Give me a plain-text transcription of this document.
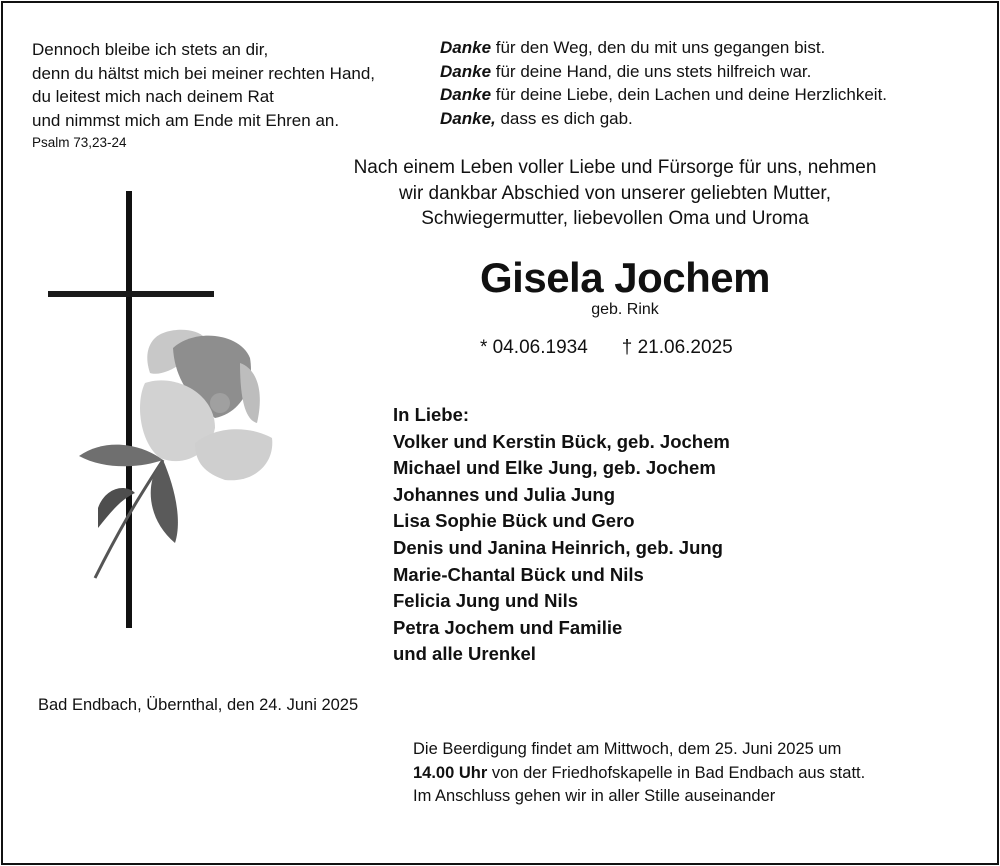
Dennoch bleibe ich stets an dir,
denn du hältst mich bei meiner rechten Hand,
du leitest mich nach deinem Rat
und nimmst mich am Ende mit Ehren an.
Psalm 73,23-24
Danke für den Weg, den du mit uns gegangen bist.
Danke für deine Hand, die uns stets hilfreich war.
Danke für deine Liebe, dein Lachen und deine Herzlichkeit.
Danke, dass es dich gab.
Nach einem Leben voller Liebe und Fürsorge für uns, nehmen
wir dankbar Abschied von unserer geliebten Mutter,
Schwiegermutter, liebevollen Oma und Uroma
Gisela Jochem
geb. Rink
* 04.06.1934 † 21.06.2025
In Liebe:
Volker und Kerstin Bück, geb. Jochem
Michael und Elke Jung, geb. Jochem
Johannes und Julia Jung
Lisa Sophie Bück und Gero
Denis und Janina Heinrich, geb. Jung
Marie-Chantal Bück und Nils
Felicia Jung und Nils
Petra Jochem und Familie
und alle Urenkel
Bad Endbach, Übernthal, den 24. Juni 2025
Die Beerdigung findet am Mittwoch, dem 25. Juni 2025 um
14.00 Uhr von der Friedhofskapelle in Bad Endbach aus statt.
Im Anschluss gehen wir in aller Stille auseinander
